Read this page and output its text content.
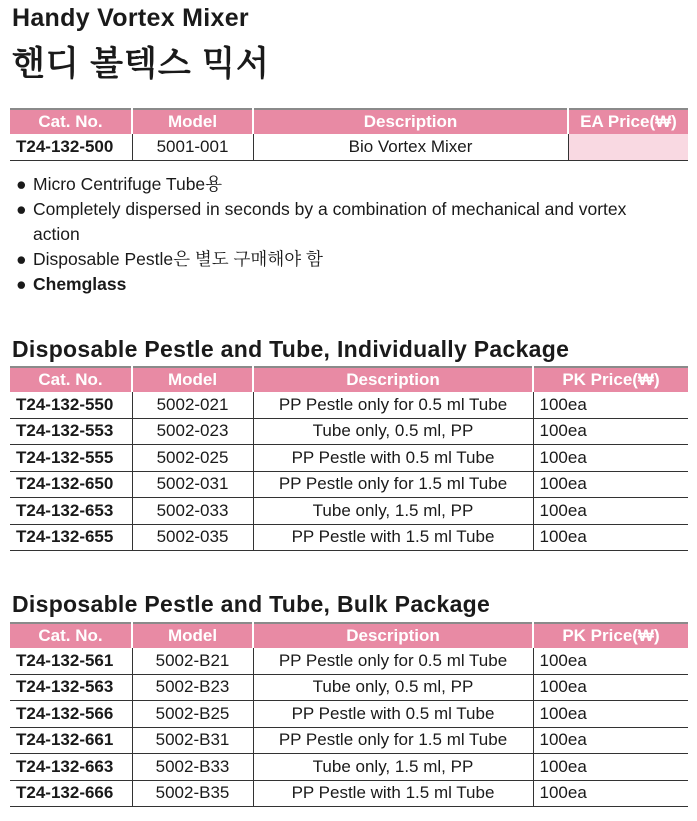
Handy Vortex Mixer
핸디 볼텍스 믹서
Cat. No.	Model	Description	EA Price(₩)
T24-132-500	5001-001	Bio Vortex Mixer	
● Micro Centrifuge Tube용
● Completely dispersed in seconds by a combination of mechanical and vortex action
● Disposable Pestle은 별도 구매해야 함
● Chemglass
Disposable Pestle and Tube, Individually Package
Cat. No.	Model	Description	PK Price(₩)
T24-132-550	5002-021	PP Pestle only for 0.5 ml Tube	100ea
T24-132-553	5002-023	Tube only, 0.5 ml, PP	100ea
T24-132-555	5002-025	PP Pestle with 0.5 ml Tube	100ea
T24-132-650	5002-031	PP Pestle only for 1.5 ml Tube	100ea
T24-132-653	5002-033	Tube only, 1.5 ml, PP	100ea
T24-132-655	5002-035	PP Pestle with 1.5 ml Tube	100ea
Disposable Pestle and Tube, Bulk Package
Cat. No.	Model	Description	PK Price(₩)
T24-132-561	5002-B21	PP Pestle only for 0.5 ml Tube	100ea
T24-132-563	5002-B23	Tube only, 0.5 ml, PP	100ea
T24-132-566	5002-B25	PP Pestle with 0.5 ml Tube	100ea
T24-132-661	5002-B31	PP Pestle only for 1.5 ml Tube	100ea
T24-132-663	5002-B33	Tube only, 1.5 ml, PP	100ea
T24-132-666	5002-B35	PP Pestle with 1.5 ml Tube	100ea
